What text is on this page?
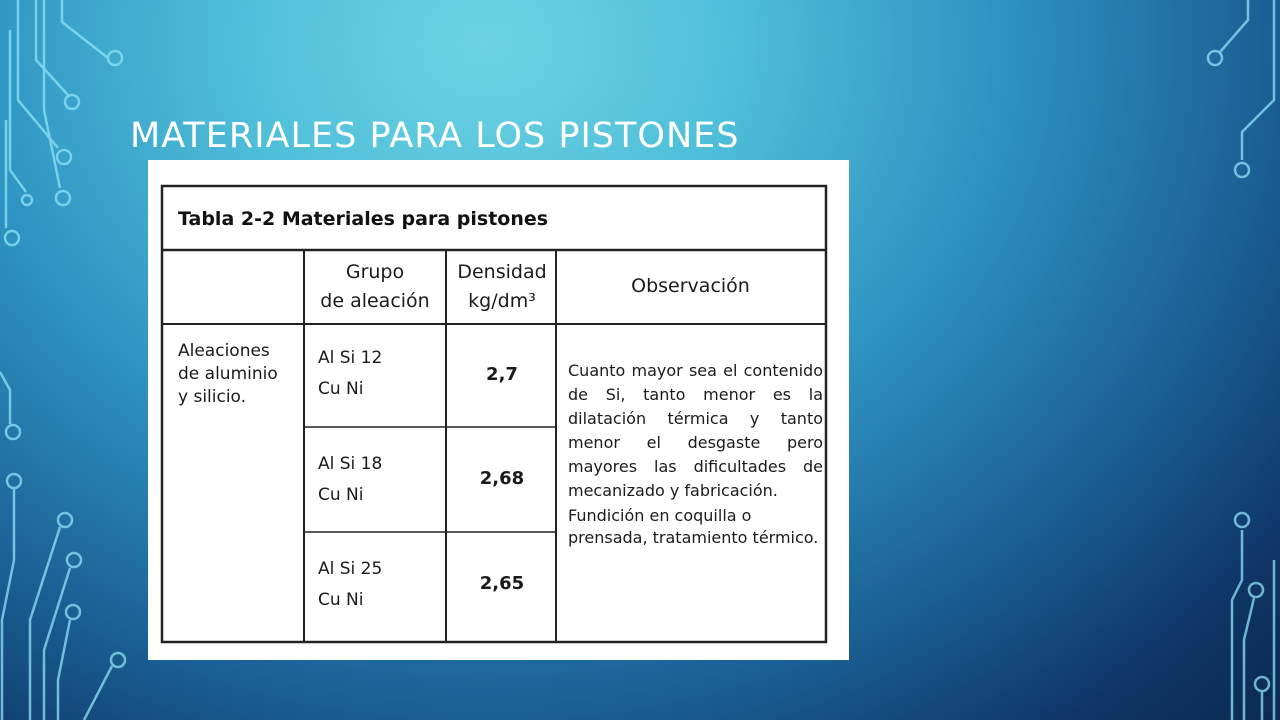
MATERIALES PARA LOS PISTONES
Tabla 2-2 Materiales para pistones
Grupo
de aleación
Densidad
kg/dm³
Observación
Aleaciones
de aluminio
y silicio.
Al Si 12
Cu Ni
Al Si 18
Cu Ni
Al Si 25
Cu Ni
2,7
2,68
2,65

Cuanto mayor sea el contenido de Si, tanto menor es la dilatación térmica y tanto menor el desgaste pero mayores las dificultades de mecanizado y fabricación.

Fundición en coquilla o prensada, tratamiento térmico.
